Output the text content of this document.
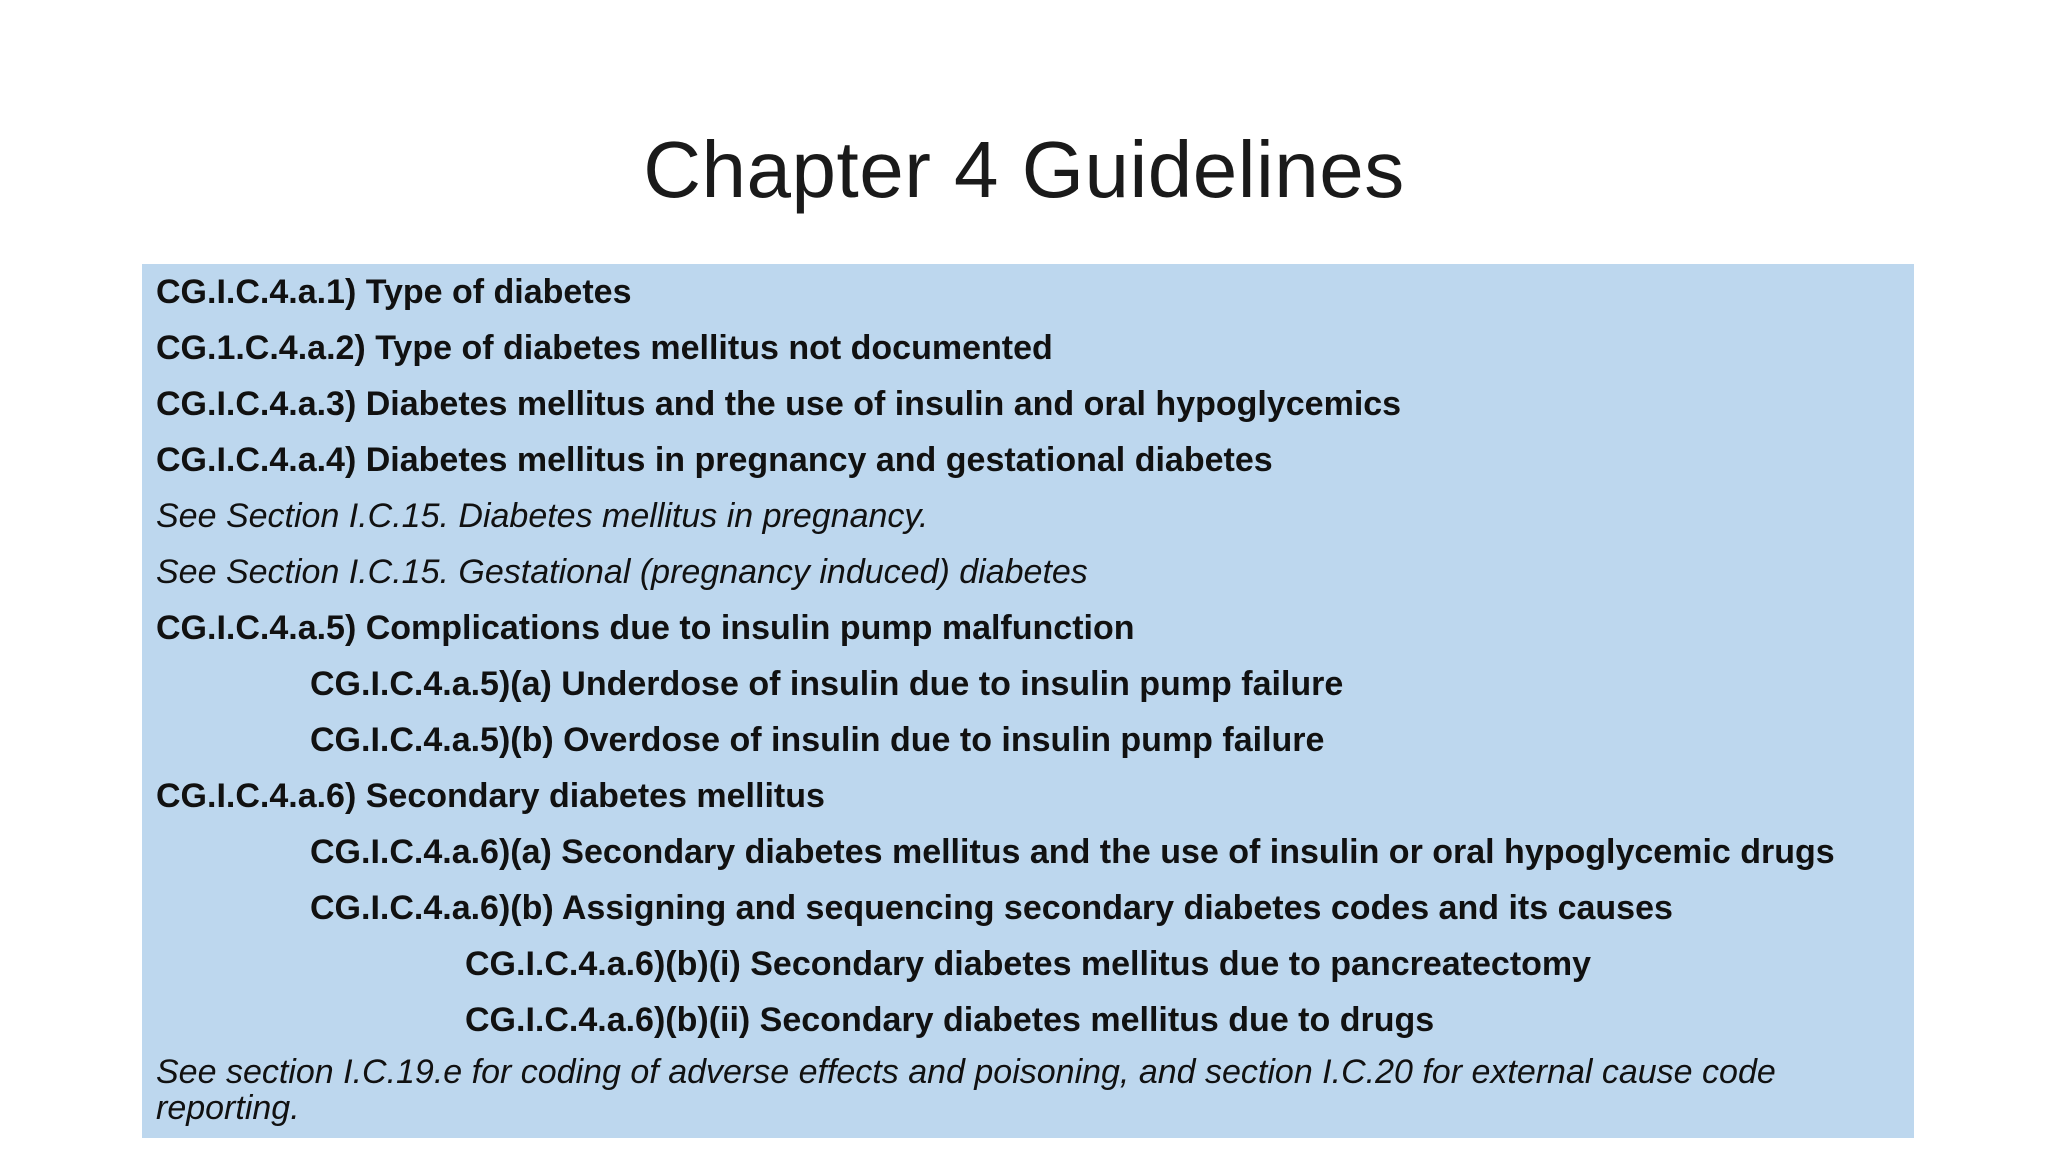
Chapter 4 Guidelines
CG.I.C.4.a.1) Type of diabetes
CG.1.C.4.a.2) Type of diabetes mellitus not documented
CG.I.C.4.a.3) Diabetes mellitus and the use of insulin and oral hypoglycemics
CG.I.C.4.a.4) Diabetes mellitus in pregnancy and gestational diabetes
See Section I.C.15. Diabetes mellitus in pregnancy.
See Section I.C.15. Gestational (pregnancy induced) diabetes
CG.I.C.4.a.5) Complications due to insulin pump malfunction
CG.I.C.4.a.5)(a) Underdose of insulin due to insulin pump failure
CG.I.C.4.a.5)(b) Overdose of insulin due to insulin pump failure
CG.I.C.4.a.6) Secondary diabetes mellitus
CG.I.C.4.a.6)(a) Secondary diabetes mellitus and the use of insulin or oral hypoglycemic drugs
CG.I.C.4.a.6)(b) Assigning and sequencing secondary diabetes codes and its causes
CG.I.C.4.a.6)(b)(i) Secondary diabetes mellitus due to pancreatectomy
CG.I.C.4.a.6)(b)(ii) Secondary diabetes mellitus due to drugs
See section I.C.19.e for coding of adverse effects and poisoning, and section I.C.20 for external cause code reporting.
